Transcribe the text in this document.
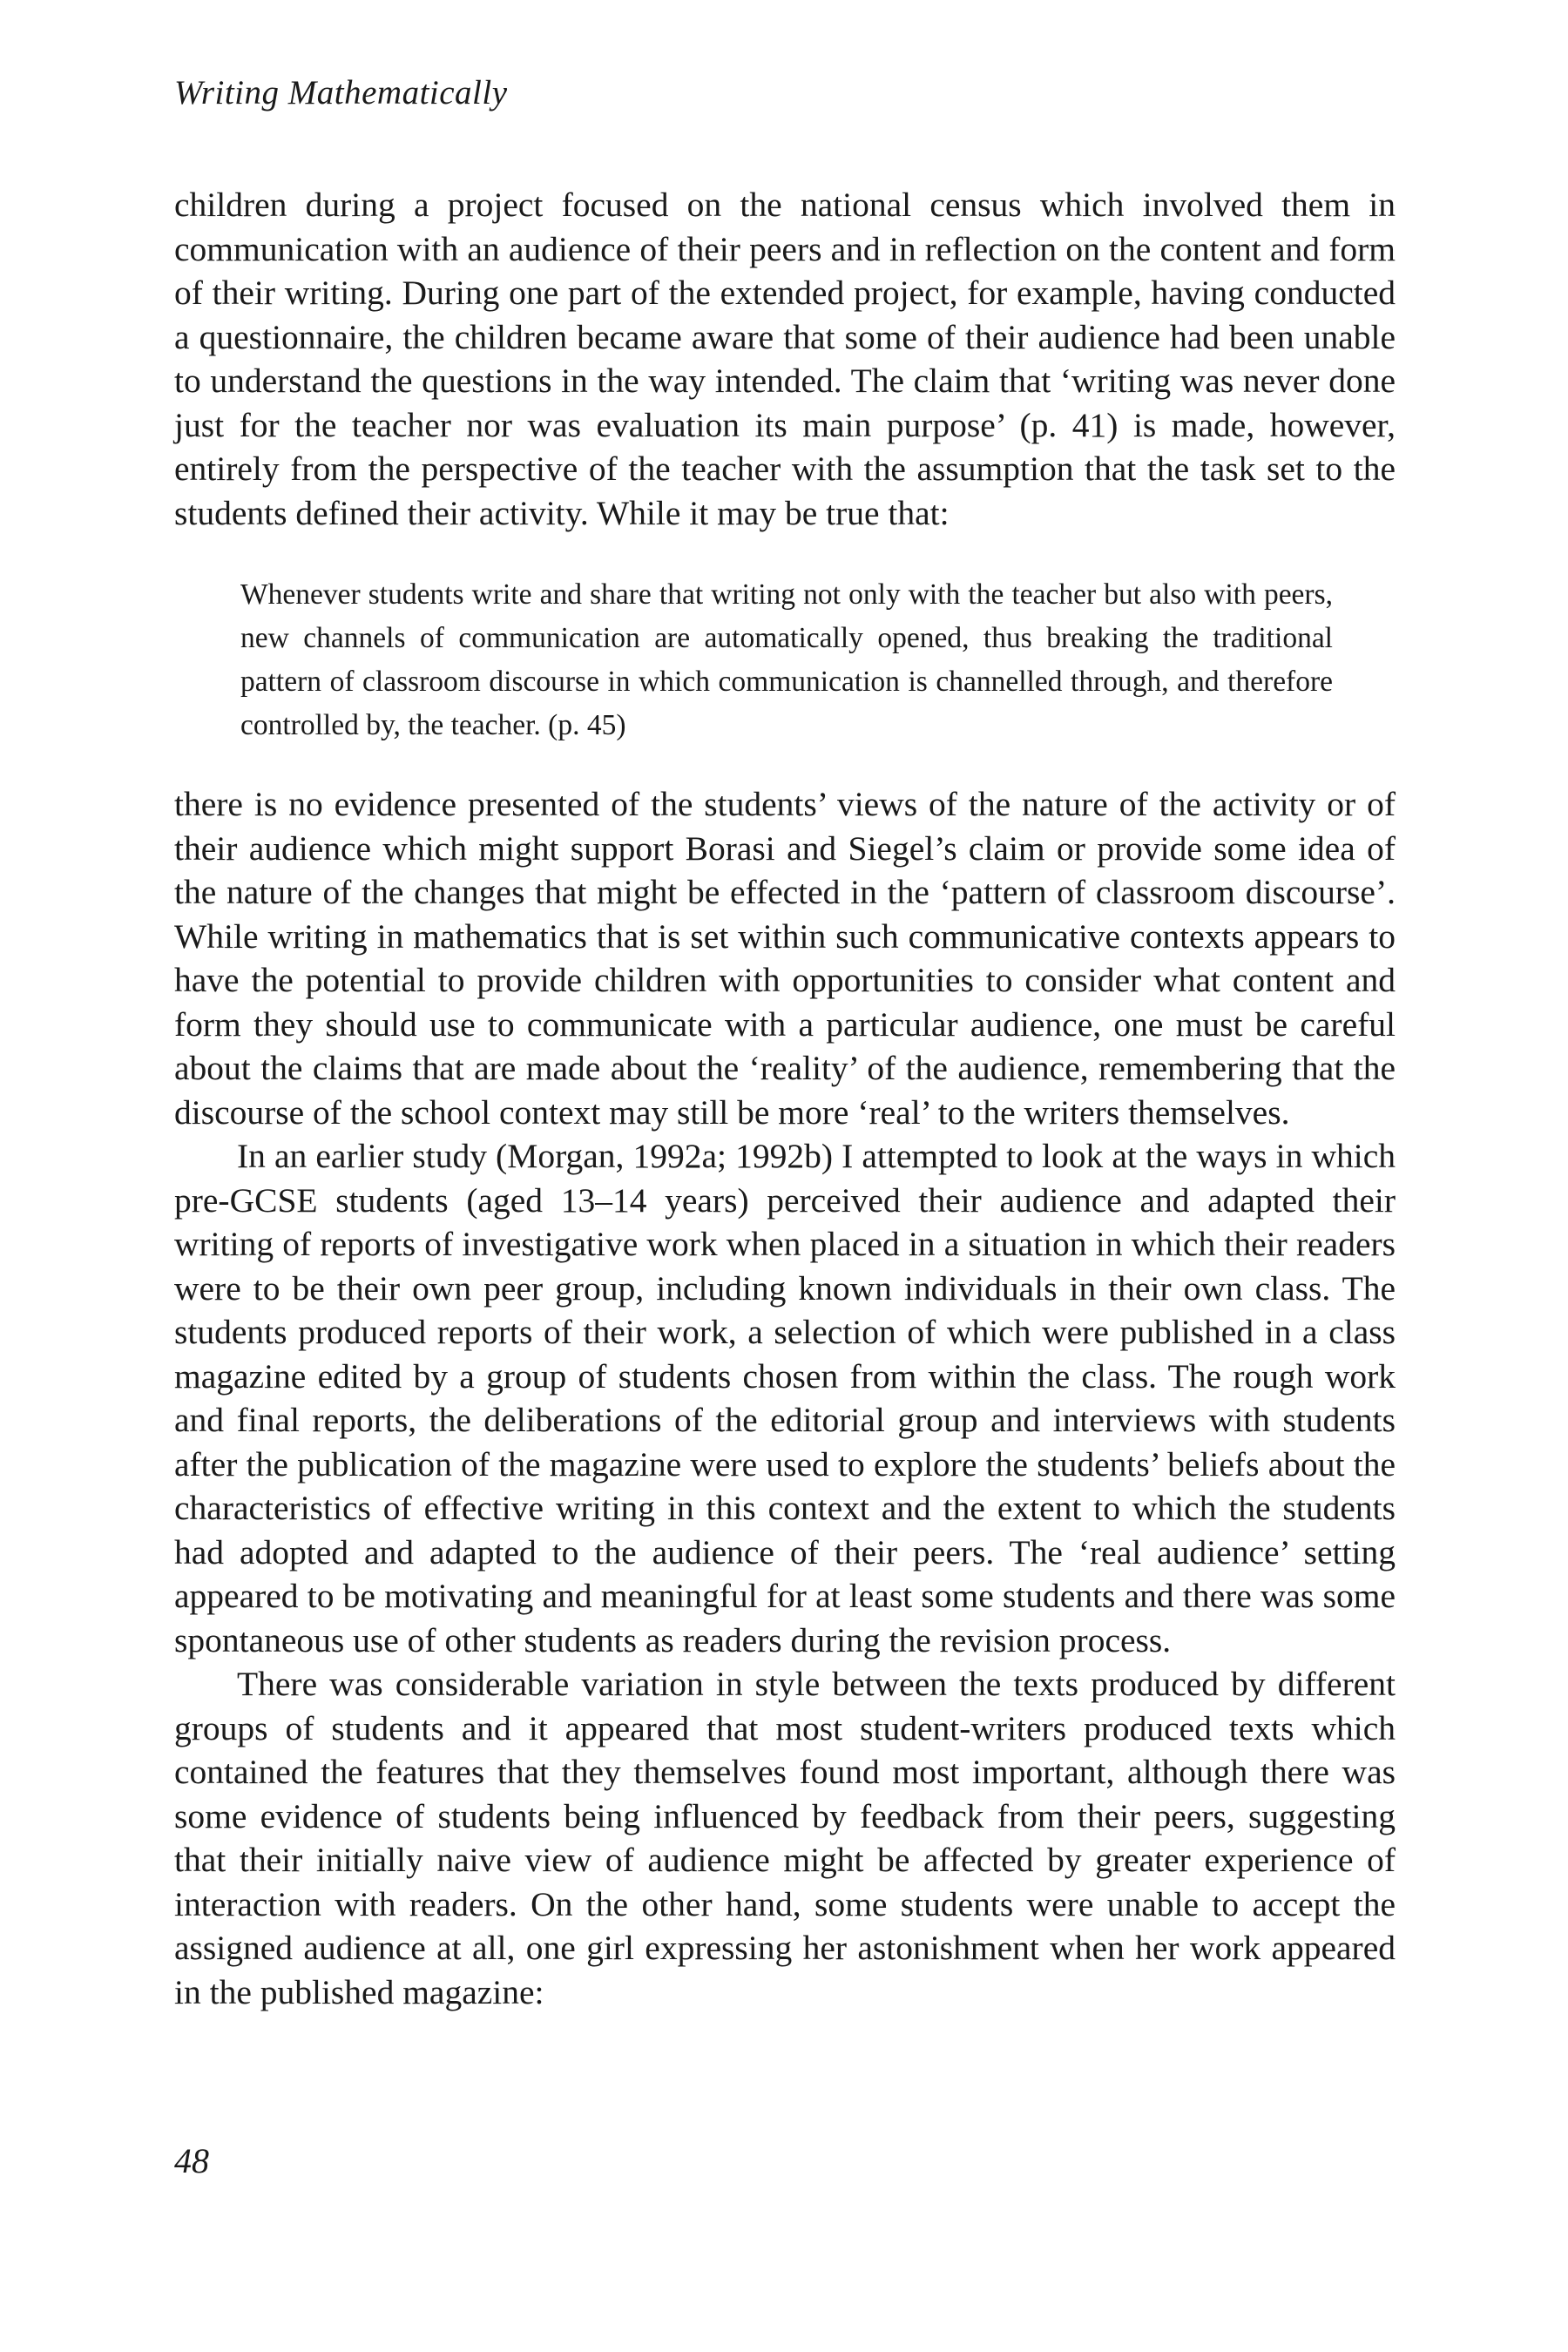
Writing Mathematically

children during a project focused on the national census which involved them in communication with an audience of their peers and in reflection on the content and form of their writing. During one part of the extended project, for example, having conducted a questionnaire, the children became aware that some of their audience had been unable to understand the questions in the way intended. The claim that ‘writing was never done just for the teacher nor was evaluation its main purpose’ (p. 41) is made, however, entirely from the perspective of the teacher with the assumption that the task set to the students defined their activity. While it may be true that:

Whenever students write and share that writing not only with the teacher but also with peers, new channels of communication are automatically opened, thus breaking the traditional pattern of classroom discourse in which communication is channelled through, and therefore controlled by, the teacher. (p. 45)

there is no evidence presented of the students’ views of the nature of the activity or of their audience which might support Borasi and Siegel’s claim or provide some idea of the nature of the changes that might be effected in the ‘pattern of classroom discourse’. While writing in mathematics that is set within such communicative contexts appears to have the potential to provide children with opportunities to consider what content and form they should use to communicate with a particular audience, one must be careful about the claims that are made about the ‘reality’ of the audience, remembering that the discourse of the school context may still be more ‘real’ to the writers themselves.

In an earlier study (Morgan, 1992a; 1992b) I attempted to look at the ways in which pre-GCSE students (aged 13–14 years) perceived their audience and adapted their writing of reports of investigative work when placed in a situation in which their readers were to be their own peer group, including known individuals in their own class. The students produced reports of their work, a selection of which were published in a class magazine edited by a group of students chosen from within the class. The rough work and final reports, the deliberations of the editorial group and interviews with students after the publication of the magazine were used to explore the students’ beliefs about the characteristics of effective writing in this context and the extent to which the students had adopted and adapted to the audience of their peers. The ‘real audience’ setting appeared to be motivating and meaningful for at least some students and there was some spontaneous use of other students as readers during the revision process.

There was considerable variation in style between the texts produced by different groups of students and it appeared that most student-writers produced texts which contained the features that they themselves found most important, although there was some evidence of students being influenced by feedback from their peers, suggesting that their initially naive view of audience might be affected by greater experience of interaction with readers. On the other hand, some students were unable to accept the assigned audience at all, one girl expressing her astonishment when her work appeared in the published magazine:

48
